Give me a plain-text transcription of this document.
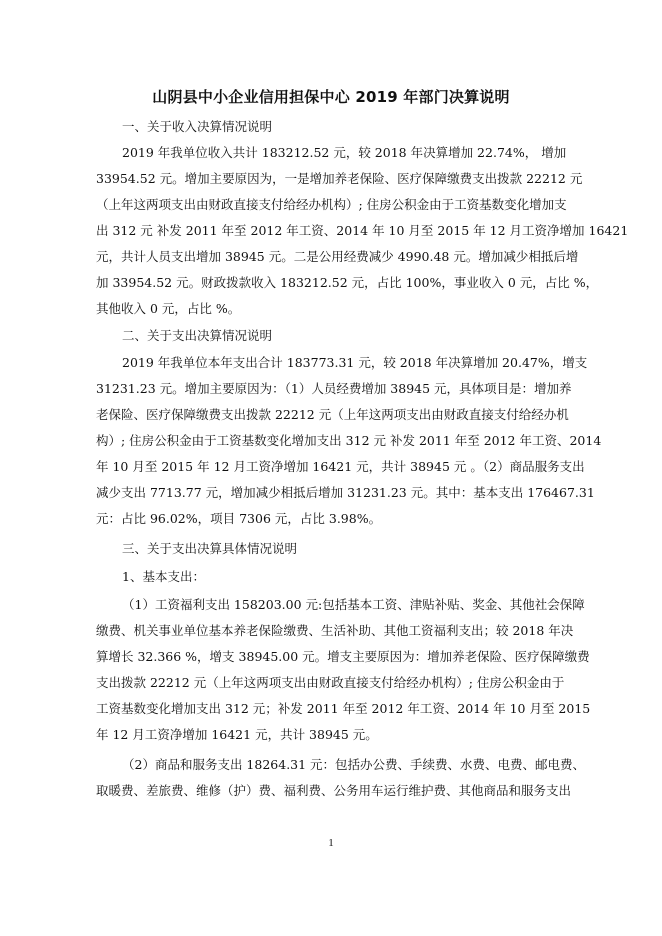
山阴县中小企业信用担保中心 2019 年部门决算说明
一、关于收入决算情况说明
2019 年我单位收入共计 183212.52 元，较 2018 年决算增加 22.74%， 增加
33954.52 元。增加主要原因为，一是增加养老保险、医疗保障缴费支出拨款 22212 元
（上年这两项支出由财政直接支付给经办机构）; 住房公积金由于工资基数变化增加支
出 312 元 补发 2011 年至 2012 年工资、2014 年 10 月至 2015 年 12 月工资净增加 16421
元，共计人员支出增加 38945 元。二是公用经费减少 4990.48 元。增加减少相抵后增
加 33954.52 元。财政拨款收入 183212.52 元，占比 100%，事业收入 0 元，占比 %，
其他收入 0 元，占比 %。
二、关于支出决算情况说明
2019 年我单位本年支出合计 183773.31 元，较 2018 年决算增加 20.47%，增支
31231.23 元。增加主要原因为：（1）人员经费增加 38945 元，具体项目是：增加养
老保险、医疗保障缴费支出拨款 22212 元（上年这两项支出由财政直接支付给经办机
构）; 住房公积金由于工资基数变化增加支出 312 元 补发 2011 年至 2012 年工资、2014
年 10 月至 2015 年 12 月工资净增加 16421 元，共计 38945 元 。（2）商品服务支出
减少支出 7713.77 元，增加减少相抵后增加 31231.23 元。其中：基本支出 176467.31
元：占比 96.02%，项目 7306 元，占比 3.98%。
三、关于支出决算具体情况说明
1、基本支出：
（1）工资福利支出 158203.00 元:包括基本工资、津贴补贴、奖金、其他社会保障
缴费、机关事业单位基本养老保险缴费、生活补助、其他工资福利支出；较 2018 年决
算增长 32.366 %，增支 38945.00 元。增支主要原因为：增加养老保险、医疗保障缴费
支出拨款 22212 元（上年这两项支出由财政直接支付给经办机构）; 住房公积金由于
工资基数变化增加支出 312 元；补发 2011 年至 2012 年工资、2014 年 10 月至 2015
年 12 月工资净增加 16421 元，共计 38945 元。
（2）商品和服务支出 18264.31 元：包括办公费、手续费、水费、电费、邮电费、
取暖费、差旅费、维修（护）费、福利费、公务用车运行维护费、其他商品和服务支出
1
